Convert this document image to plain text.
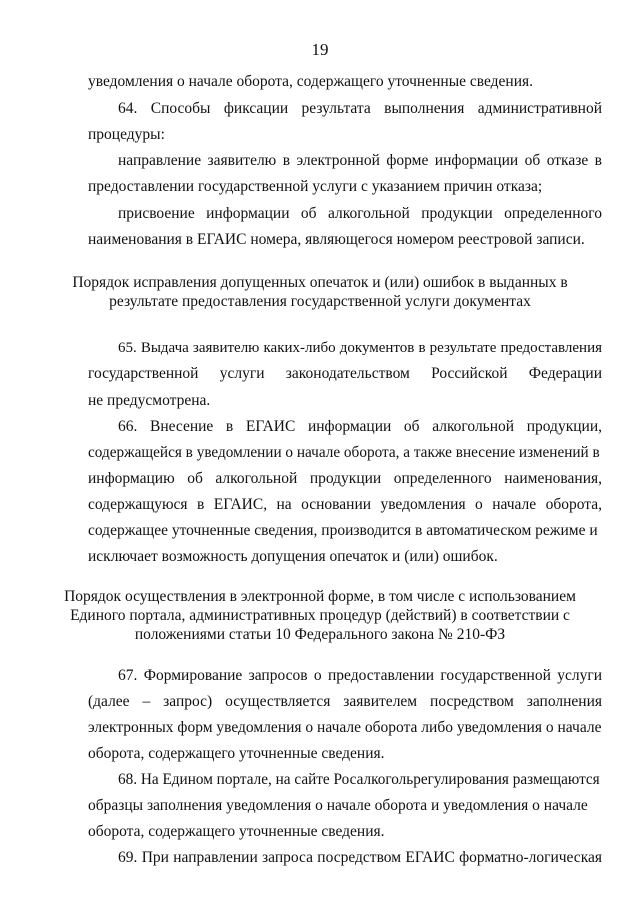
19
уведомления о начале оборота, содержащего уточненные сведения.
64. Способы фиксации результата выполнения административной
процедуры:
направление заявителю в электронной форме информации об отказе в
предоставлении государственной услуги с указанием причин отказа;
присвоение информации об алкогольной продукции определенного
наименования в ЕГАИС номера, являющегося номером реестровой записи.
Порядок исправления допущенных опечаток и (или) ошибок в выданных в
результате предоставления государственной услуги документах
65. Выдача заявителю каких-либо документов в результате предоставления
государственной услуги законодательством Российской Федерации
не предусмотрена.
66. Внесение в ЕГАИС информации об алкогольной продукции,
содержащейся в уведомлении о начале оборота, а также внесение изменений в
информацию об алкогольной продукции определенного наименования,
содержащуюся в ЕГАИС, на основании уведомления о начале оборота,
содержащее уточненные сведения, производится в автоматическом режиме и
исключает возможность допущения опечаток и (или) ошибок.
Порядок осуществления в электронной форме, в том числе с использованием
Единого портала, административных процедур (действий) в соответствии с
положениями статьи 10 Федерального закона № 210-ФЗ
67. Формирование запросов о предоставлении государственной услуги
(далее – запрос) осуществляется заявителем посредством заполнения
электронных форм уведомления о начале оборота либо уведомления о начале
оборота, содержащего уточненные сведения.
68. На Едином портале, на сайте Росалкогольрегулирования размещаются
образцы заполнения уведомления о начале оборота и уведомления о начале
оборота, содержащего уточненные сведения.
69. При направлении запроса посредством ЕГАИС форматно-логическая
